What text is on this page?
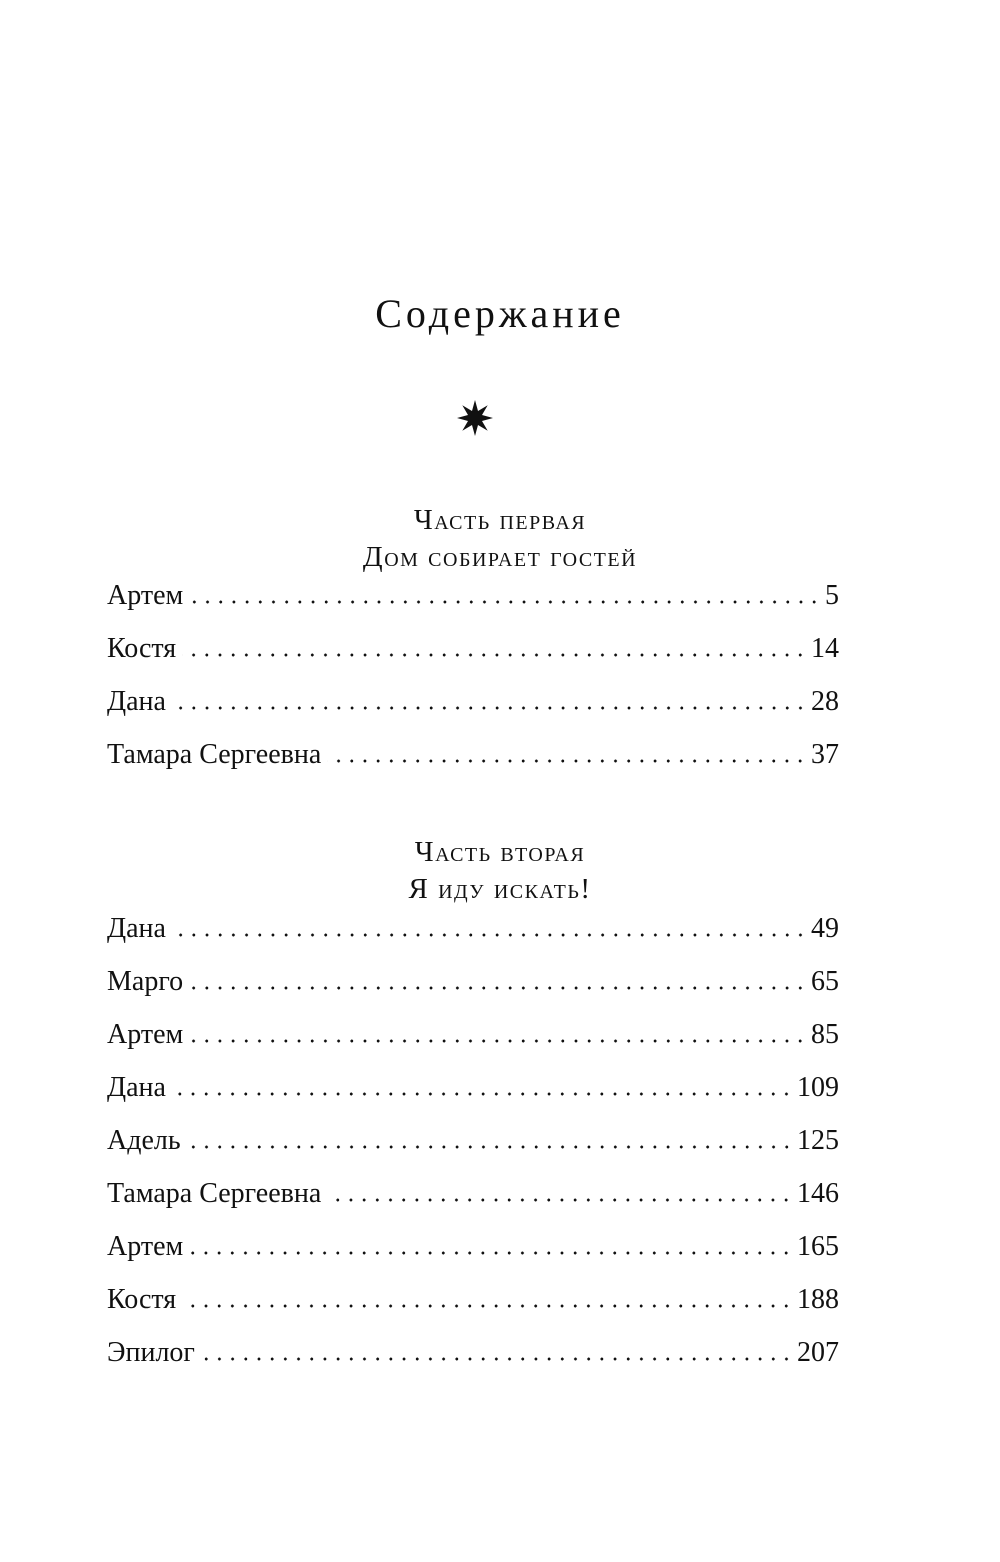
Содержание
Часть первая
Дом собирает гостей
Артем	5
Костя	14
Дана	28
Тамара Сергеевна	37
Часть вторая
Я иду искать!
Дана	49
Марго	65
Артем	85
Дана	109
Адель	125
Тамара Сергеевна	146
Артем	165
Костя	188
Эпилог	207
